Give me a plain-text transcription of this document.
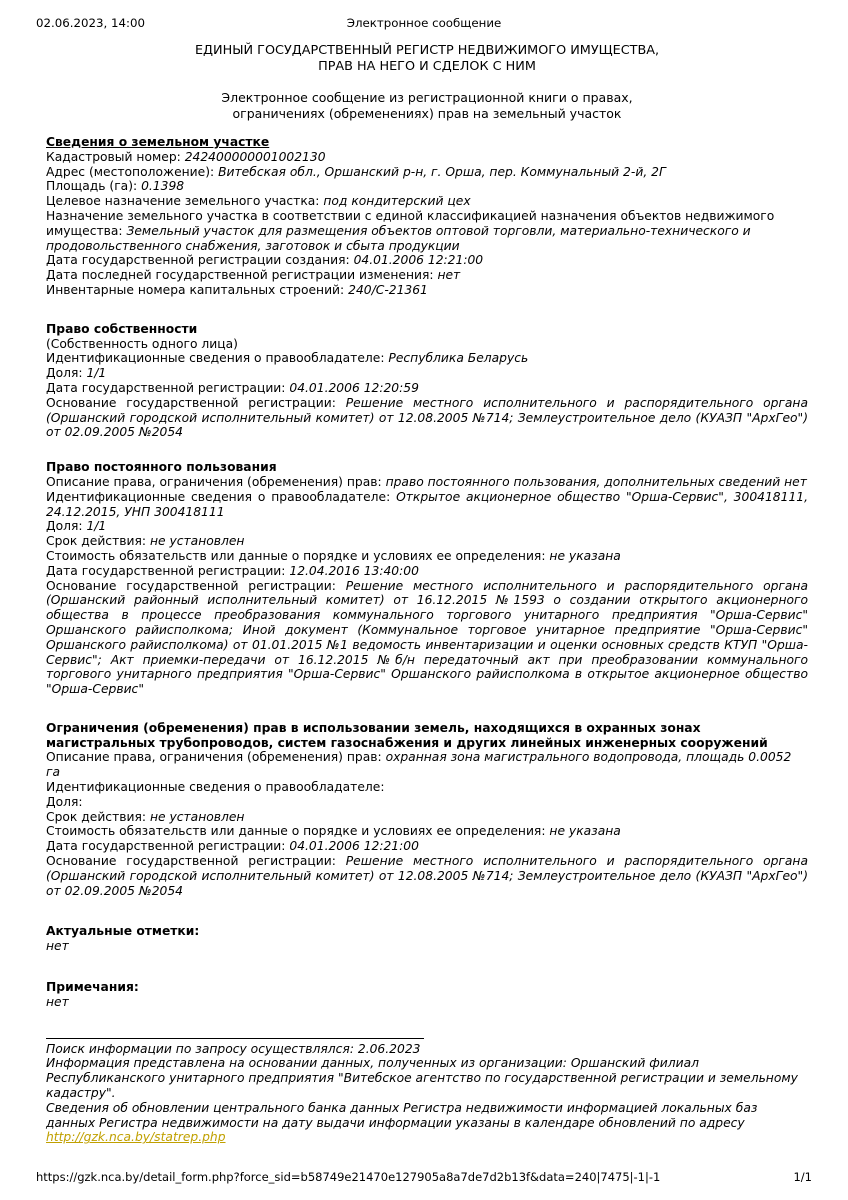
02.06.2023, 14:00	Электронное сообщение
ЕДИНЫЙ ГОСУДАРСТВЕННЫЙ РЕГИСТР НЕДВИЖИМОГО ИМУЩЕСТВА,
ПРАВ НА НЕГО И СДЕЛОК С НИМ
Электронное сообщение из регистрационной книги о правах,
ограничениях (обременениях) прав на земельный участок
Сведения о земельном участке

Кадастровый номер: 242400000001002130

Адрес (местоположение): Витебская обл., Оршанский р-н, г. Орша, пер. Коммунальный 2-й, 2Г

Площадь (га): 0.1398

Целевое назначение земельного участка: под кондитерский цех

Назначение земельного участка в соответствии с единой классификацией назначения объектов недвижимого имущества: Земельный участок для размещения объектов оптовой торговли, материально-технического и продовольственного снабжения, заготовок и сбыта продукции

Дата государственной регистрации создания: 04.01.2006 12:21:00

Дата последней государственной регистрации изменения: нет

Инвентарные номера капитальных строений: 240/С-21361

Право собственности

(Собственность одного лица)

Идентификационные сведения о правообладателе: Республика Беларусь

Доля: 1/1

Дата государственной регистрации: 04.01.2006 12:20:59

Основание государственной регистрации: Решение местного исполнительного и распорядительного органа (Оршанский городской исполнительный комитет) от 12.08.2005 №714; Землеустроительное дело (КУАЗП "АрхГео") от 02.09.2005 №2054

Право постоянного пользования

Описание права, ограничения (обременения) прав: право постоянного пользования, дополнительных сведений нет

Идентификационные сведения о правообладателе: Открытое акционерное общество "Орша-Сервис", 300418111, 24.12.2015, УНП 300418111

Доля: 1/1

Срок действия: не установлен

Стоимость обязательств или данные о порядке и условиях ее определения: не указана

Дата государственной регистрации: 12.04.2016 13:40:00

Основание государственной регистрации: Решение местного исполнительного и распорядительного органа (Оршанский районный исполнительный комитет) от 16.12.2015 №1593 о создании открытого акционерного общества в процессе преобразования коммунального торгового унитарного предприятия "Орша-Сервис" Оршанского райисполкома; Иной документ (Коммунальное торговое унитарное предприятие "Орша-Сервис" Оршанского райисполкома) от 01.01.2015 №1 ведомость инвентаризации и оценки основных средств КТУП "Орша-Сервис"; Акт приемки-передачи от 16.12.2015 №б/н передаточный акт при преобразовании коммунального торгового унитарного предприятия "Орша-Сервис" Оршанского райисполкома в открытое акционерное общество "Орша-Сервис"

Ограничения (обременения) прав в использовании земель, находящихся в охранных зонах магистральных трубопроводов, систем газоснабжения и других линейных инженерных сооружений

Описание права, ограничения (обременения) прав: охранная зона магистрального водопровода, площадь 0.0052 га

Идентификационные сведения о правообладателе:

Доля:

Срок действия: не установлен

Стоимость обязательств или данные о порядке и условиях ее определения: не указана

Дата государственной регистрации: 04.01.2006 12:21:00

Основание государственной регистрации: Решение местного исполнительного и распорядительного органа (Оршанский городской исполнительный комитет) от 12.08.2005 №714; Землеустроительное дело (КУАЗП "АрхГео") от 02.09.2005 №2054

Актуальные отметки:

нет

Примечания:

нет

Поиск информации по запросу осуществлялся: 2.06.2023

Информация представлена на основании данных, полученных из организации: Оршанский филиал Республиканского унитарного предприятия "Витебское агентство по государственной регистрации и земельному кадастру".

Сведения об обновлении центрального банка данных Регистра недвижимости информацией локальных баз данных Регистра недвижимости на дату выдачи информации указаны в календаре обновлений по адресу

http://gzk.nca.by/statrep.php

https://gzk.nca.by/detail_form.php?force_sid=b58749e21470e127905a8a7de7d2b13f&data=240|7475|-1|-1	1/1
